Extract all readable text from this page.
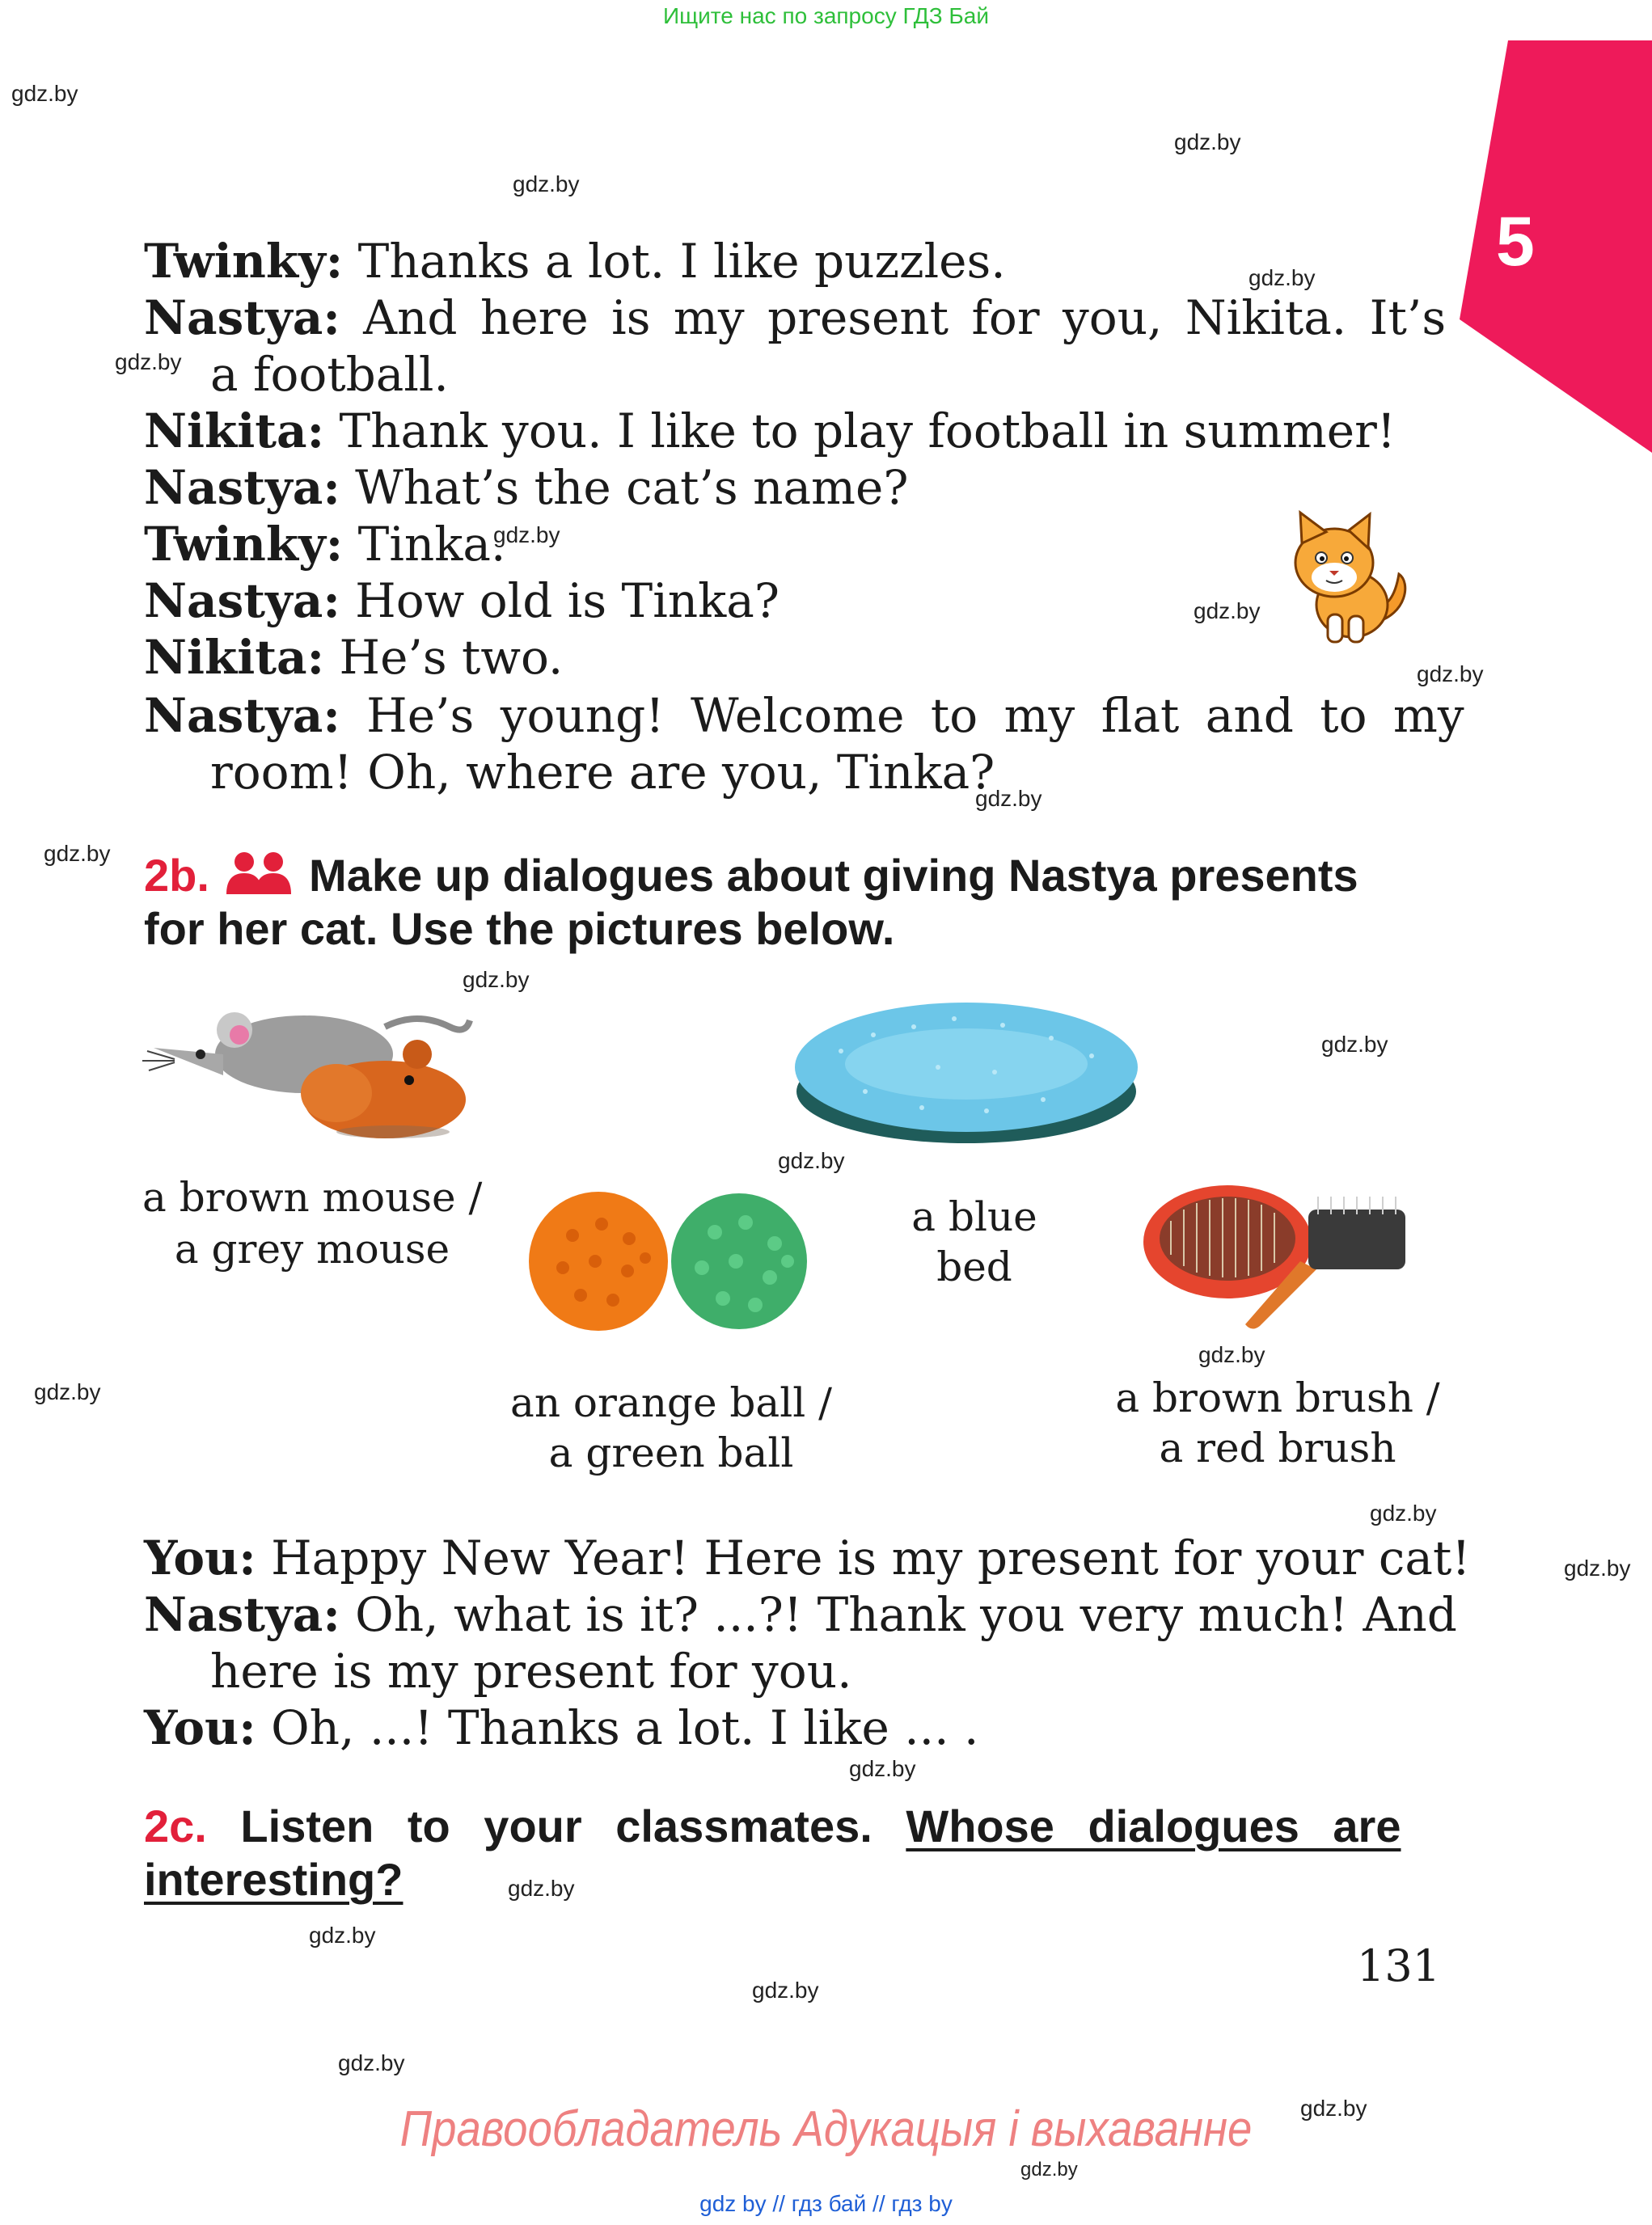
Ищите нас по запросу ГДЗ Бай
5
gdz.by
gdz.by
gdz.by
gdz.by
gdz.by
gdz.by
gdz.by
gdz.by
gdz.by
gdz.by
gdz.by
gdz.by
gdz.by
gdz.by
gdz.by
gdz.by
gdz.by
gdz.by
gdz.by
gdz.by
gdz.by
gdz.by
gdz.by
gdz.by
Twinky: Thanks a lot. I like puzzles.
Nastya: And here is my present for you, Nikita. It’s
a football.
Nikita: Thank you. I like to play football in summer!
Nastya: What’s the cat’s name?
Twinky: Tinka.
Nastya: How old is Tinka?
Nikita: He’s two.
Nastya: He’s young! Welcome to my flat and to my
room! Oh, where are you, Tinka?
2b. Make up dialogues about giving Nastya presents
for her cat. Use the pictures below.
a brown mouse /
a grey mouse
a blue
bed
an orange ball /
a green ball
a brown brush /
a red brush
You: Happy New Year! Here is my present for your cat!
Nastya: Oh, what is it? ...?! Thank you very much! And
here is my present for you.
You: Oh, ...! Thanks a lot. I like ... .
2c. Listen to your classmates. Whose dialogues are
interesting?
131
Правообладатель Адукацыя і выхаванне
gdz by // гдз бай // гдз by
